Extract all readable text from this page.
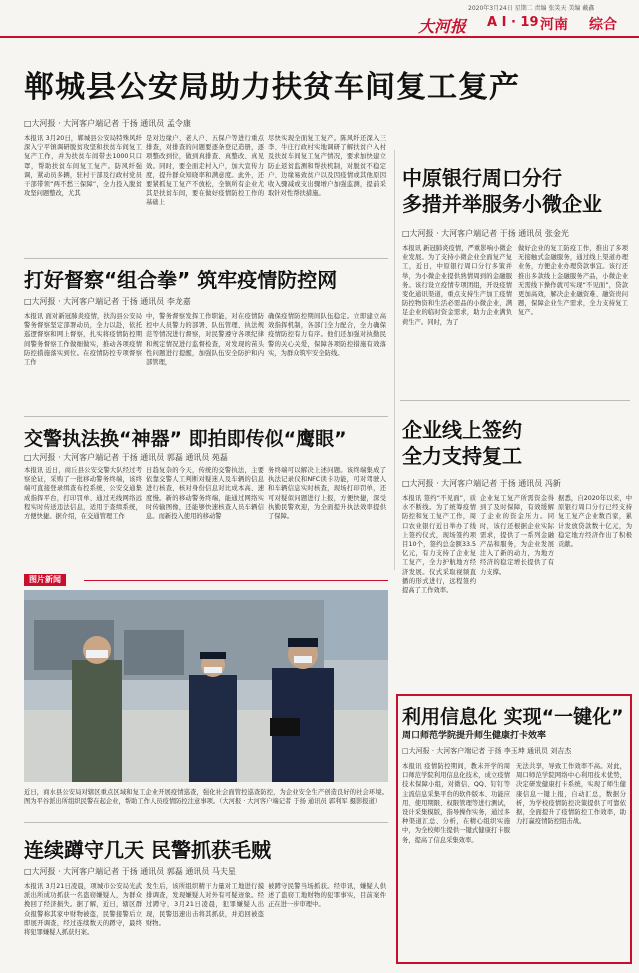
2020年3月24日 星期二 责编 张笑天 美编 戴鑫
大河报 A I · 19 河南 综合
郸城县公安局助力扶贫车间复工复产
□大河报 · 大河客户端记者 于扬 通讯员 孟令康
本报讯 3月20日，郸城县公安局特殊风纤深入宁平镇调研脱贫攻坚和扶贫车间复工复产工作，并为扶贫车间带去1000只口罩，帮助扶贫车间复工复产。防风纤强调，紧动员多辆，驻村干部及行政村党员干部带领“两不愁三保障”，全力投入脱贫攻坚问题整改，尤其
是对边缘户、老人户、五保户等进行重点排查，对排查的问题要逐条登记造册，逐项整改到位，做到真排查、真整改、真见效。同时，要全面走村入户，加大宣传力度，提升群众知晓率和满意度。此外，还要紧抓复工复产不放松，全镇所有企业尤其是扶贫车间，要在做好疫情防控工作的基础上
尽快实现全面复工复产。陈风纤还深入三李、牛庄行政村实地调研了解扶贫户入村及扶贫车间复工复产情况，要求加快建立防止返贫监测和帮扶机制，对脱贫不稳定户、边缘易致贫户以及因疫情或其他原因收入骤减或支出骤增户加强监测，提前采取针对性帮扶措施。
打好督察“组合拳” 筑牢疫情防控网
□大河报 · 大河客户端记者 于扬 通讯员 李龙嘉
本报讯 面对新冠肺炎疫情，扶沟县公安局警务督察坚定部署动员，全力以赴，依托巡逻督察和网上督察，扎实将疫情防控期间警务督察工作做细做实，推动各项疫情防控措施落实到位。在疫情防控专项督察工作
中，警务督察发挥工作职能，对在疫情防控中人员警力的部署、队伍管理、执法规范等情况进行督察，对民警遵守各项纪律和规定情况进行监督检查，对发现的苗头性问题进行提醒，加强队伍安全防护和内部管理，
确保疫情防控期间队伍稳定。立即建立高效指挥机制，各部门全力配合，全力确保疫情防控有力有序。他们还加强对执勤民警的关心关爱，保障各项防控措施有效落实，为群众筑牢安全防线。
交警执法换“神器” 即拍即传似“鹰眼”
□大河报 · 大河客户端记者 于扬 通讯员 郭磊 通讯员 苑磊
本报讯 近日，商丘县公安交警大队经过考察论证，采购了一批移动警务终端，该终端可直接登录缉查布控系统、公安交通集成指挥平台，打印罚单、通过无线网络远程实时传送违法信息，适用于查缉系统，方便快捷。据介绍，在交通管理工作
日趋复杂的今天，传统的交警执法，主要依靠交警人工判断对疑迷人及车辆的信息进行核查，核对身份信息对比成本高、速度慢。新的移动警务终端，能通过网络实时传输图像，还能够快速核查人员车辆信息。而新投入使用的移动警
务终端可以解决上述问题。该终端集成了执法记录仪和NFC读卡功能，可对驾驶人和车辆信息实时核查，现场打印罚单，还可对疑似问题进行上报，方便快捷，深受执勤民警欢迎，为全面提升执法效率提供了保障。
中原银行周口分行
多措并举服务小微企业
□大河报 · 大河客户端记者 于扬 通讯员 张金光
本报讯 新冠肺炎疫情，严重影响小微企业发展。为了支持小微企业全面复产复工，近日，中原银行周口分行多策并举，为小微企业提供熟情周到的金融服务。该行设立疫情专项团组，开设疫情变化通讯渠道，重点支持生产加工疫情防控物资和生活必需品的小微企业，满足企业的临时资金需求，助力企业满负荷生产。同时，为了
做好企业的复工防疫工作，推出了多项无接触式金融服务，通过线上渠道办理业务，方便企业办理贷款事宜。该行还推出多款线上金融服务产品，小微企业无需线下操作就可实现“不见面”，贷款更加高效，解决企业融资难、融资贵问题，保障企业生产需求，全力支持复工复产。
企业线上签约
全力支持复工
□大河报 · 大河客户端记者 于扬 通讯员 冯新
本报讯 签约“不见面”，质水不断线。为了统筹疫情防控和复工复产工作，周口农业银行近日举办了线上签约仪式，现场签约项目10个，签约总金额33.5亿元，有力支持了企业复工复产，全力护航地方经济发展。仪式采取视频直播的形式进行，远程签约提高了工作效率。
企业复工复产所需资金得到了及时保障，有效缓解了企业的资金压力。同时，该行还根据企业实际需求，提供了一系列金融产品和服务，为企业发展注入了新的动力，为地方经济的稳定增长提供了有力支撑。
据悉，自2020年以来，中原银行周口分行已经支持复工复产企业数百家，累计发放贷款数十亿元，为稳定地方经济作出了积极贡献。
图片新闻
近日，商水县公安局对辖区重点区域和复工企业开展疫情巡查，强化社会面管控巡查防控，为企业安全生产创造良好的社会环境。图为平谷派出所组织民警在起企业，帮助工作人员疫情防控注意事项。（大河报 · 大河客户端记者 于扬 通讯员 郭利军 摄影报道）
利用信息化 实现“一键化”
周口师范学院提升师生健康打卡效率
□大河报 · 大河客户端记者 于扬 李玉坤 通讯员 刘吉杰
本报讯 疫情防控期间，教未开学的周口师范学院利用信息化技术，成立疫情技术保障小组，对微信、QQ、钉钉等主流信息采集平台的软件版本、功能应用、使用期限、权限管理等进行测试，设计采集模版，指导操作实务，通过多种渠道汇总、分析，在精心组织实施中，为全校师生提供一键式健康打卡服务，提高了信息采集效率。
无法共享，导致工作效率不高。对此，周口师范学院网络中心利用技术优势，决定研发健康打卡系统，实现了师生健康信息一键上报，自动汇总，数据分析，为学校疫情防控决策提供了可靠依据，全面提升了疫情防控工作效率，助力打赢疫情防控阻击战。
连续蹲守几天 民警抓获毛贼
□大河报 · 大河客户端记者 于扬 通讯员 郭磊 通讯员 马夫星
本报讯 3月21日凌晨，项城市公安局光武派出所成功抓获一名盗窃嫌疑人，为群众挽回了经济损失。据了解，近日，辖区群众报警称其家中财物被盗，民警接警后立即展开调查，经过连续数天的蹲守，最终将犯罪嫌疑人抓获归案。
发生后，该所组织精干力量对工地进行摸排调查，发现嫌疑人对外有可疑迹象。经过蹲守，3月21日凌晨，犯罪嫌疑人出现，民警迅速出击将其抓获，并追回被盗财物。
被蹲守民警当场抓获。经审讯，嫌疑人供述了盗窃工地财物的犯罪事实，目前案件正在进一步审理中。
